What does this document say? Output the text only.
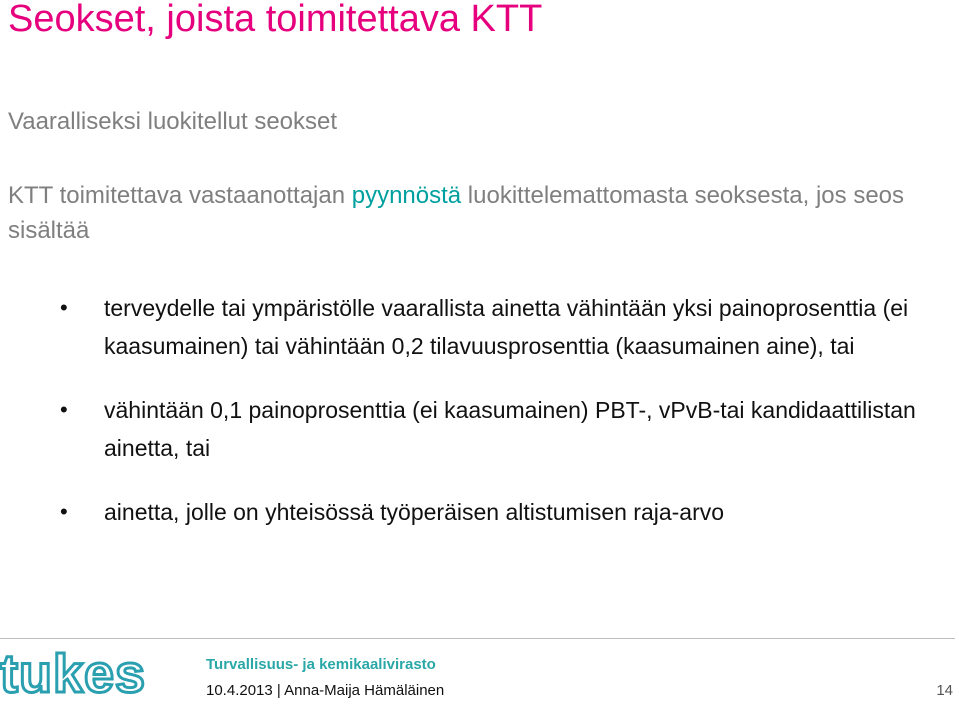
Seokset, joista toimitettava KTT
Vaaralliseksi luokitellut seokset
KTT toimitettava vastaanottajan pyynnöstä luokittelemattomasta seoksesta, jos seos sisältää
• terveydelle tai ympäristölle vaarallista ainetta vähintään yksi painoprosenttia (ei kaasumainen) tai vähintään 0,2 tilavuusprosenttia (kaasumainen aine), tai
• vähintään 0,1 painoprosenttia (ei kaasumainen) PBT-, vPvB-tai kandidaattilistan ainetta, tai
• ainetta, jolle on yhteisössä työperäisen altistumisen raja-arvo
tukes	Turvallisuus- ja kemikaalivirasto
10.4.2013 | Anna-Maija Hämäläinen	14
